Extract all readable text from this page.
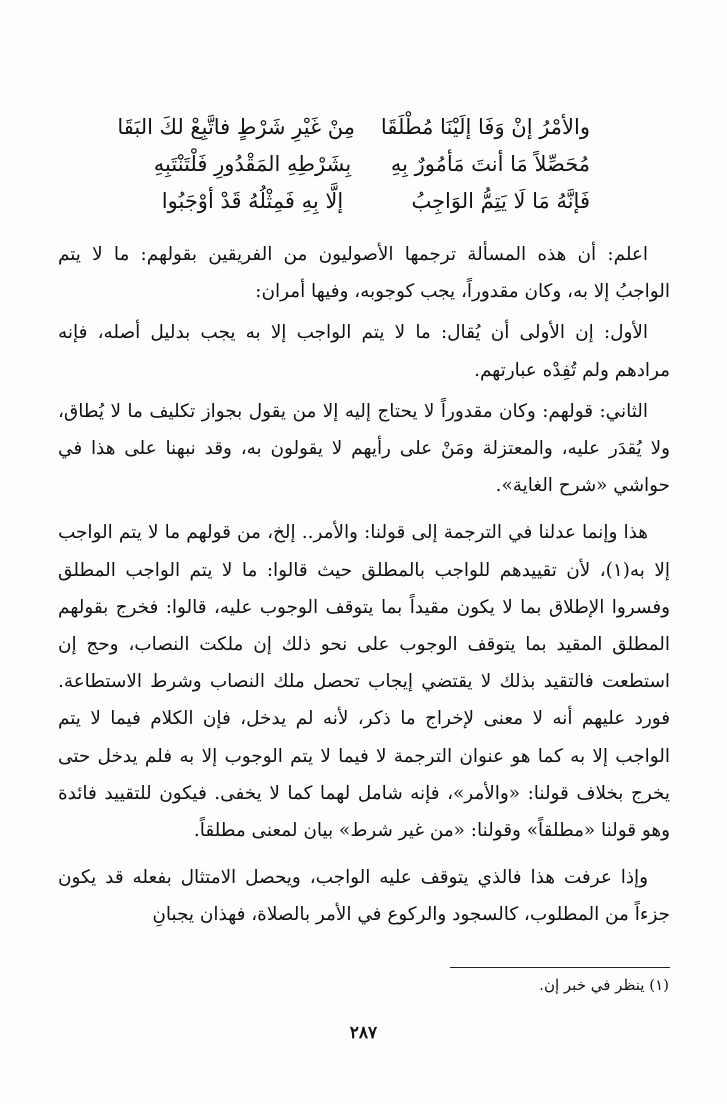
والأمْرُ إنْ وَفَا إلَيْنَا مُطْلَقَا
مِنْ غَيْرِ شَرْطٍ فاتَّبِعْ لكَ البَقَا
مُحَصِّلاً مَا أنتَ مَأمُورٌ بِهِ
بِشَرْطِهِ المَقْدُورِ فَلْتَنْتَبِهِ
فَإنَّهُ مَا لَا يَتِمُّ الوَاجِبُ
إلَّا بِهِ فَمِثْلُهُ قَدْ أوْجَبُوا

اعلم: أن هذه المسألة ترجمها الأصوليون من الفريقين بقولهم: ما لا يتم الواجبُ إلا به، وكان مقدوراً، يجب كوجوبه، وفيها أمران:

الأول: إن الأولى أن يُقال: ما لا يتم الواجب إلا به يجب بدليل أصله، فإنه مرادهم ولم تُفِدْه عبارتهم.

الثاني: قولهم: وكان مقدوراً لا يحتاج إليه إلا من يقول بجواز تكليف ما لا يُطاق، ولا يُقدَر عليه، والمعتزلة ومَنْ على رأيهم لا يقولون به، وقد نبهنا على هذا في حواشي «شرح الغاية».

هذا وإنما عدلنا في الترجمة إلى قولنا: والأمر.. إلخ، من قولهم ما لا يتم الواجب إلا به(١)، لأن تقييدهم للواجب بالمطلق حيث قالوا: ما لا يتم الواجب المطلق وفسروا الإطلاق بما لا يكون مقيداً بما يتوقف الوجوب عليه، قالوا: فخرج بقولهم المطلق المقيد بما يتوقف الوجوب على نحو ذلك إن ملكت النصاب، وحج إن استطعت فالتقيد بذلك لا يقتضي إيجاب تحصل ملك النصاب وشرط الاستطاعة. فورد عليهم أنه لا معنى لإخراج ما ذكر، لأنه لم يدخل، فإن الكلام فيما لا يتم الواجب إلا به كما هو عنوان الترجمة لا فيما لا يتم الوجوب إلا به فلم يدخل حتى يخرج بخلاف قولنا: «والأمر»، فإنه شامل لهما كما لا يخفى. فيكون للتقييد فائدة وهو قولنا «مطلقاً» وقولنا: «من غير شرط» بيان لمعنى مطلقاً.

وإذا عرفت هذا فالذي يتوقف عليه الواجب، ويحصل الامتثال بفعله قد يكون جزءاً من المطلوب، كالسجود والركوع في الأمر بالصلاة، فهذان يجبانِ

(١) ينظر في خبر إن.
٢٨٧
